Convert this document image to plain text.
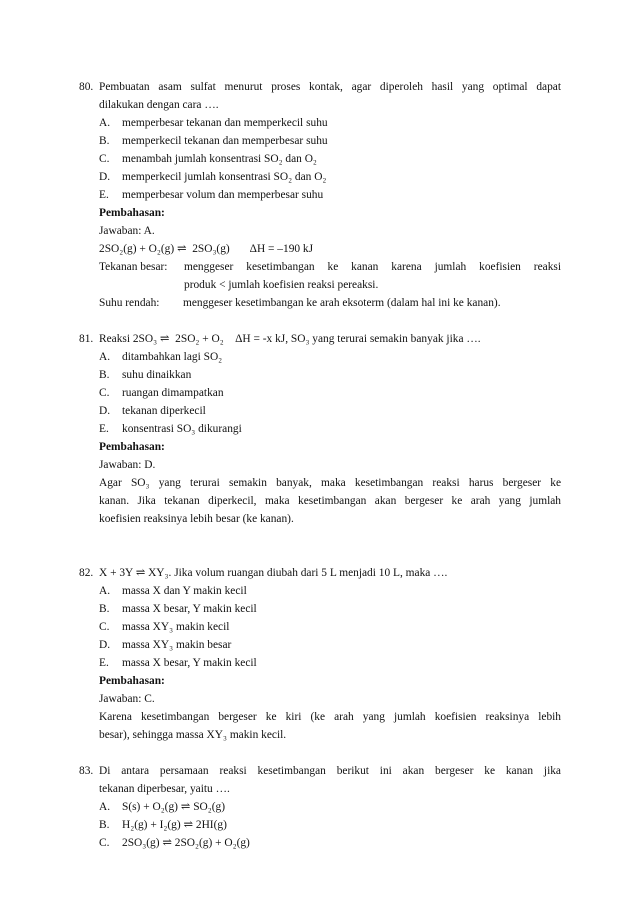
80. Pembuatan asam sulfat menurut proses kontak, agar diperoleh hasil yang optimal dapat
dilakukan dengan cara ….
A. memperbesar tekanan dan memperkecil suhu
B. memperkecil tekanan dan memperbesar suhu
C. menambah jumlah konsentrasi SO₂ dan O₂
D. memperkecil jumlah konsentrasi SO₂ dan O₂
E. memperbesar volum dan memperbesar suhu
Pembahasan:
Jawaban: A.
2SO₂(g) + O₂(g) ⇌  2SO₃(g)       ΔH = –190 kJ
Tekanan besar: menggeser kesetimbangan ke kanan karena jumlah koefisien reaksi
produk < jumlah koefisien reaksi pereaksi.
Suhu rendah: menggeser kesetimbangan ke arah eksoterm (dalam hal ini ke kanan).
81. Reaksi 2SO₃ ⇌  2SO₂ + O₂    ΔH = -x kJ, SO₃ yang terurai semakin banyak jika ….
A. ditambahkan lagi SO₂
B. suhu dinaikkan
C. ruangan dimampatkan
D. tekanan diperkecil
E. konsentrasi SO₃ dikurangi
Pembahasan:
Jawaban: D.
Agar SO₃ yang terurai semakin banyak, maka kesetimbangan reaksi harus bergeser ke
kanan. Jika tekanan diperkecil, maka kesetimbangan akan bergeser ke arah yang jumlah
koefisien reaksinya lebih besar (ke kanan).
82. X + 3Y ⇌ XY₃. Jika volum ruangan diubah dari 5 L menjadi 10 L, maka ….
A. massa X dan Y makin kecil
B. massa X besar, Y makin kecil
C. massa XY₃ makin kecil
D. massa XY₃ makin besar
E. massa X besar, Y makin kecil
Pembahasan:
Jawaban: C.
Karena kesetimbangan bergeser ke kiri (ke arah yang jumlah koefisien reaksinya lebih
besar), sehingga massa XY₃ makin kecil.
83. Di antara persamaan reaksi kesetimbangan berikut ini akan bergeser ke kanan jika
tekanan diperbesar, yaitu ….
A. S(s) + O₂(g) ⇌ SO₂(g)
B. H₂(g) + I₂(g) ⇌ 2HI(g)
C. 2SO₃(g) ⇌ 2SO₂(g) + O₂(g)
